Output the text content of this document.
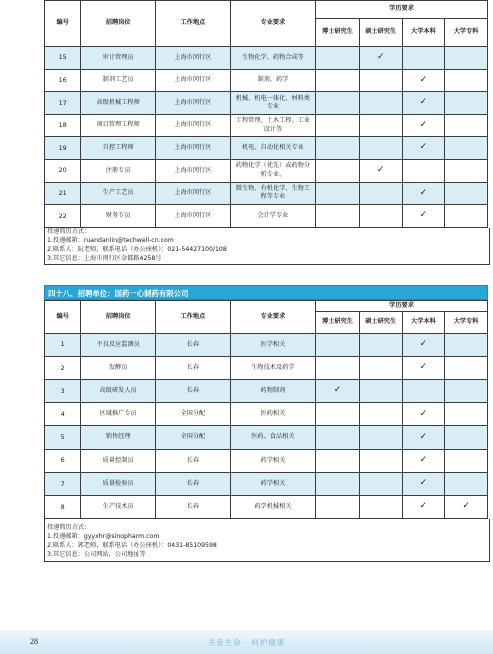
编号	招聘岗位	工作地点	专业要求	学历要求			
				博士研究生	硕士研究生	大学本科	大学专科
15	审计管理员	上海市闵行区	生物化学、药物合成等		✓		
16	制剂工艺员	上海市闵行区	制剂、药学			✓	
17	高级机械工程师	上海市闵行区	机械、机电一体化、材料类专业			✓	
18	项目管理工程师	上海市闵行区	工程管理、土木工程、工业设计等			✓	
19	自控工程师	上海市闵行区	机电、自动化相关专业			✓	
20	注册专员	上海市闵行区	药物化学（优先）或药物分析专业，		✓		
21	生产工艺员	上海市闵行区	微生物、有机化学、生物工程等专业			✓	
22	财务专员	上海市闵行区	会计学专业			✓	
投递简历方式：
1.投递邮箱：ruandanlin@techwell-cn.com
2.联系人：阮老师，联系电话（办公座机）：021-54427100/108
3.其它信息：上海市闵行区金都路4258号
四十八、招聘单位：国药一心制药有限公司
编号	招聘岗位	工作地点	专业要求	学历要求			
				博士研究生	硕士研究生	大学本科	大学专科
1	不良反应监测员	长春	医学相关			✓	
2	发酵员	长春	生物技术及药学			✓	
3	高级研发人员	长春	药物制剂	✓			
4	区域推广专员	全国分配	医药相关			✓	
5	销售经理	全国分配	医药、食品相关			✓	
6	质量控制员	长春	药学相关			✓	
7	质量检验员	长春	药学相关			✓	
8	生产技术员	长春	药学机械相关			✓	✓
投递简历方式：
1.投递邮箱：gyyxhr@sinopharm.com
2.联系人：郭老师，联系电话（办公座机）：0431-85109598
3.其它信息：公司网站，公司地址等
28	关爱生命 · 呵护健康
